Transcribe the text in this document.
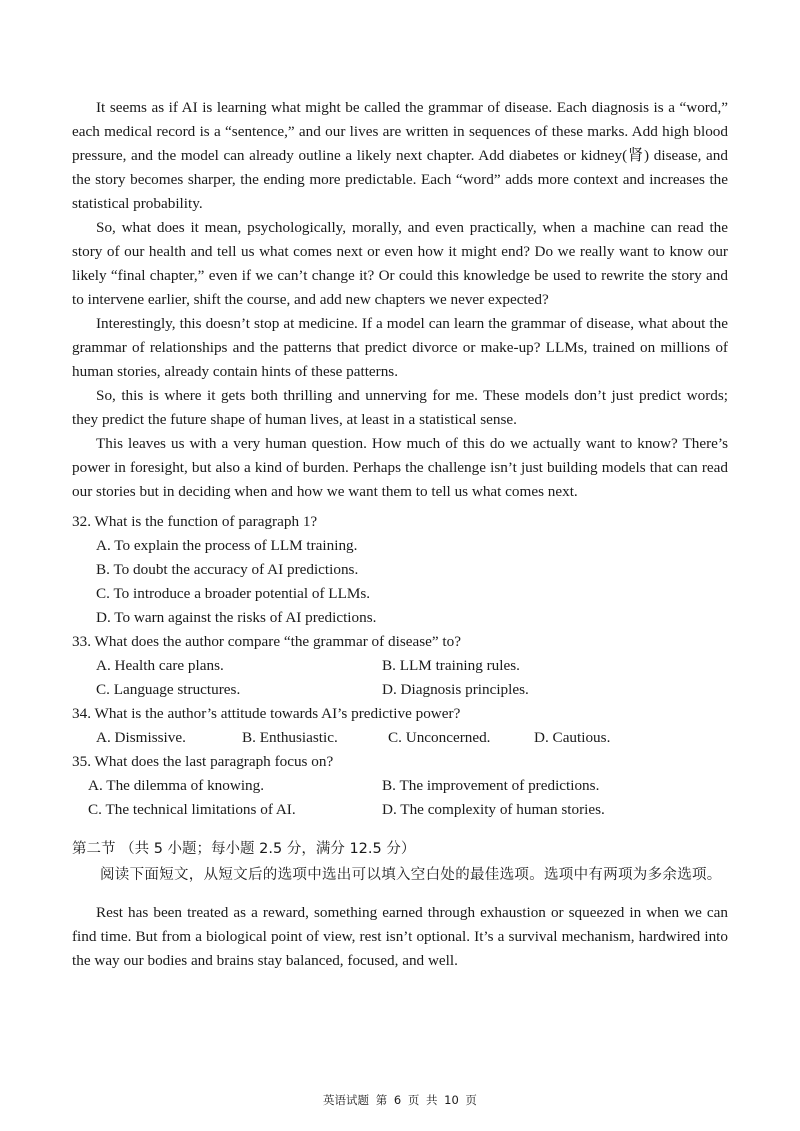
It seems as if AI is learning what might be called the grammar of disease. Each diagnosis is a “word,” each medical record is a “sentence,” and our lives are written in sequences of these marks. Add high blood pressure, and the model can already outline a likely next chapter. Add diabetes or kidney(肾) disease, and the story becomes sharper, the ending more predictable. Each “word” adds more context and increases the statistical probability.

So, what does it mean, psychologically, morally, and even practically, when a machine can read the story of our health and tell us what comes next or even how it might end? Do we really want to know our likely “final chapter,” even if we can’t change it? Or could this knowledge be used to rewrite the story and to intervene earlier, shift the course, and add new chapters we never expected?

Interestingly, this doesn’t stop at medicine. If a model can learn the grammar of disease, what about the grammar of relationships and the patterns that predict divorce or make-up? LLMs, trained on millions of human stories, already contain hints of these patterns.

So, this is where it gets both thrilling and unnerving for me. These models don’t just predict words; they predict the future shape of human lives, at least in a statistical sense.

This leaves us with a very human question. How much of this do we actually want to know? There’s power in foresight, but also a kind of burden. Perhaps the challenge isn’t just building models that can read our stories but in deciding when and how we want them to tell us what comes next.

32. What is the function of paragraph 1?

A. To explain the process of LLM training.
B. To doubt the accuracy of AI predictions.
C. To introduce a broader potential of LLMs.
D. To warn against the risks of AI predictions.

33. What does the author compare “the grammar of disease” to?

A. Health care plans.	B. LLM training rules.
C. Language structures.	D. Diagnosis principles.

34. What is the author’s attitude towards AI’s predictive power?

A. Dismissive.	B. Enthusiastic.	C. Unconcerned.	D. Cautious.

35. What does the last paragraph focus on?

A. The dilemma of knowing.	B. The improvement of predictions.
C. The technical limitations of AI.	D. The complexity of human stories.

第二节 （共 5 小题；每小题 2.5 分，满分 12.5 分）

阅读下面短文，从短文后的选项中选出可以填入空白处的最佳选项。选项中有两项为多余选项。

Rest has been treated as a reward, something earned through exhaustion or squeezed in when we can find time. But from a biological point of view, rest isn’t optional. It’s a survival mechanism, hardwired into the way our bodies and brains stay balanced, focused, and well.

英语试题 第 6 页 共 10 页
